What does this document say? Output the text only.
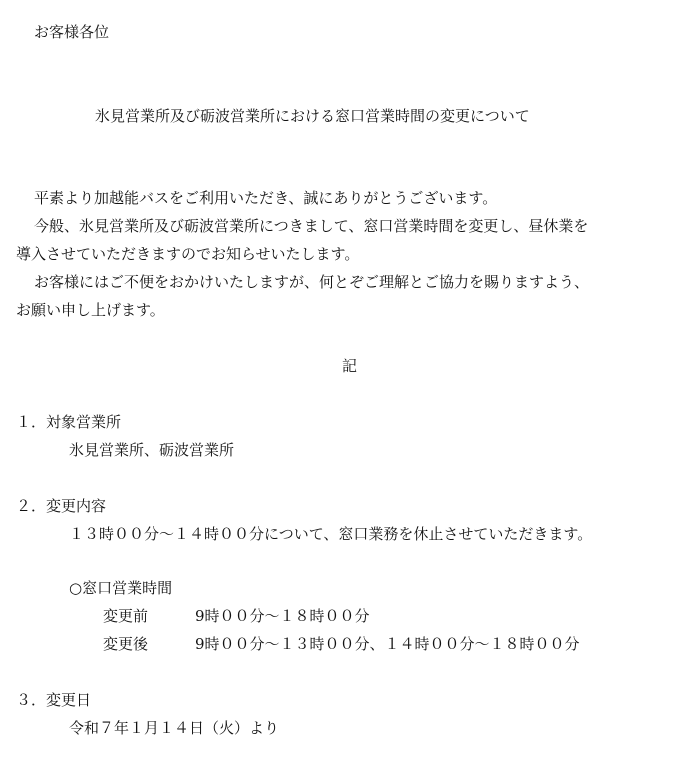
お客様各位
氷見営業所及び砺波営業所における窓口営業時間の変更について
平素より加越能バスをご利用いただき、誠にありがとうございます。
今般、氷見営業所及び砺波営業所につきまして、窓口営業時間を変更し、昼休業を
導入させていただきますのでお知らせいたします。
お客様にはご不便をおかけいたしますが、何とぞご理解とご協力を賜りますよう、
お願い申し上げます。
記
１．対象営業所
氷見営業所、砺波営業所
２．変更内容
１３時００分～１４時００分について、窓口業務を休止させていただきます。
○窓口営業時間
変更前	9時００分～１８時００分
変更後	9時００分～１３時００分、１４時００分～１８時００分
３．変更日
令和７年１月１４日（火）より
